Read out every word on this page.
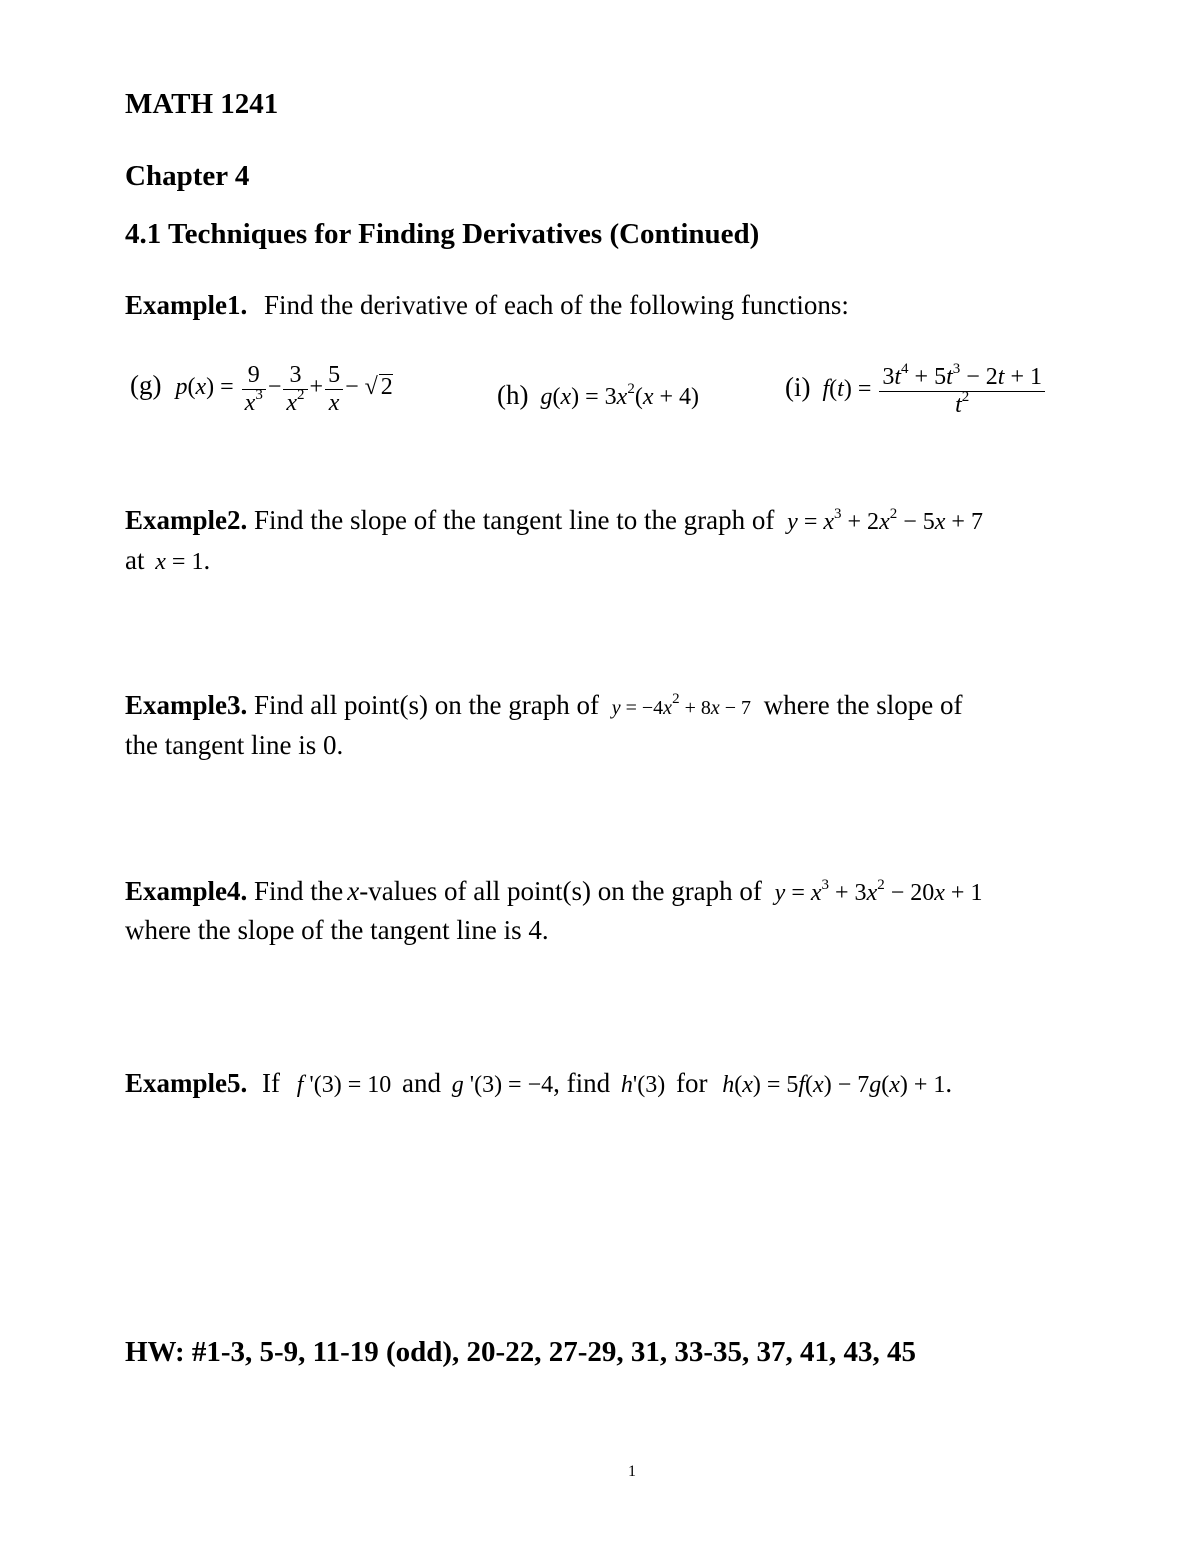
MATH 1241
Chapter 4
4.1 Techniques for Finding Derivatives (Continued)
Example1. Find the derivative of each of the following functions:
(g) $p(x) = \frac{9}{x^3} - \frac{3}{x^2} + \frac{5}{x}$ − √ 2	(h) $g(x) = 3x^2(x + 4)$	(i) $f(t) = \frac{3t^4 + 5t^3 - 2t + 1}{t^2}$
Example2. Find the slope of the tangent line to the graph of $y = x^3 + 2x^2 - 5x + 7$
at x = 1.
Example3. Find all point(s) on the graph of $y = -4x^2 + 8x - 7$ where the slope of
the tangent line is 0.
Example4. Find the x-values of all point(s) on the graph of $y = x^3 + 3x^2 - 20x + 1$
where the slope of the tangent line is 4.
Example5. If f '(3) = 10 and g '(3) = −4, find h'(3) for h(x) = 5f(x) − 7g(x) + 1.
HW: #1-3, 5-9, 11-19 (odd), 20-22, 27-29, 31, 33-35, 37, 41, 43, 45
1
